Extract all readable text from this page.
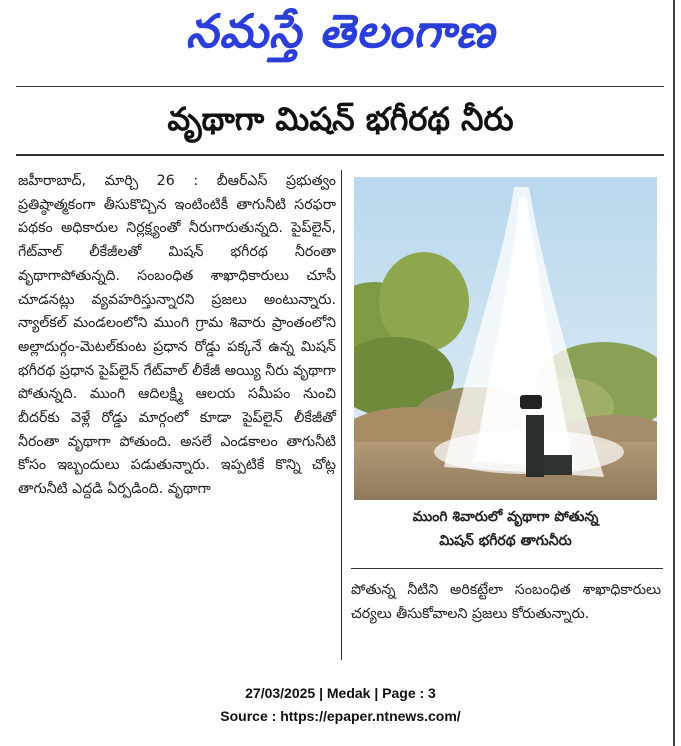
నమస్తే తెలంగాణ
వృథాగా మిషన్‌ భగీరథ నీరు

జహీరాబాద్‌, మార్చి 26 : బీఆర్‌ఎస్‌ ప్రభుత్వం ప్రతిష్ఠాత్మకంగా తీసుకొచ్చిన ఇంటింటికీ తాగునీటి సరఫరా పథకం అధికారుల నిర్లక్ష్యంతో నీరుగారుతున్నది. పైప్‌లైన్‌, గేట్‌వాల్‌ లీకేజీలతో మిషన్‌ భగీరథ నీరంతా వృథాగాపోతున్నది. సంబంధిత శాఖాధికారులు చూసీ చూడనట్లు వ్యవహరిస్తున్నారని ప్రజలు అంటున్నారు. న్యాల్‌కల్‌ మండలంలోని ముంగి గ్రామ శివారు ప్రాంతంలోని అల్లాదుర్గం-మెటల్‌కుంట ప్రధాన రోడ్డు పక్కనే ఉన్న మిషన్‌ భగీరథ ప్రధాన పైప్‌లైన్‌ గేట్‌వాల్‌ లీకేజీ అయ్యి నీరు వృథాగా పోతున్నది. ముంగి ఆదిలక్ష్మి ఆలయ సమీపం నుంచి బీదర్‌కు వెళ్లే రోడ్డు మార్గంలో కూడా పైప్‌లైన్‌ లీకేజీతో నీరంతా వృథాగా పోతుంది. అసలే ఎండకాలం తాగునీటి కోసం ఇబ్బందులు పడుతున్నారు. ఇప్పటికే కొన్ని చోట్ల తాగునీటి ఎద్దడి ఏర్పడింది. వృథాగా

ముంగి శివారులో వృథాగా పోతున్న
మిషన్‌ భగీరథ తాగునీరు

పోతున్న నీటిని అరికట్టేలా సంబంధిత శాఖాధికారులు చర్యలు తీసుకోవాలని ప్రజలు కోరుతున్నారు.

27/03/2025 | Medak | Page : 3
Source : https://epaper.ntnews.com/
